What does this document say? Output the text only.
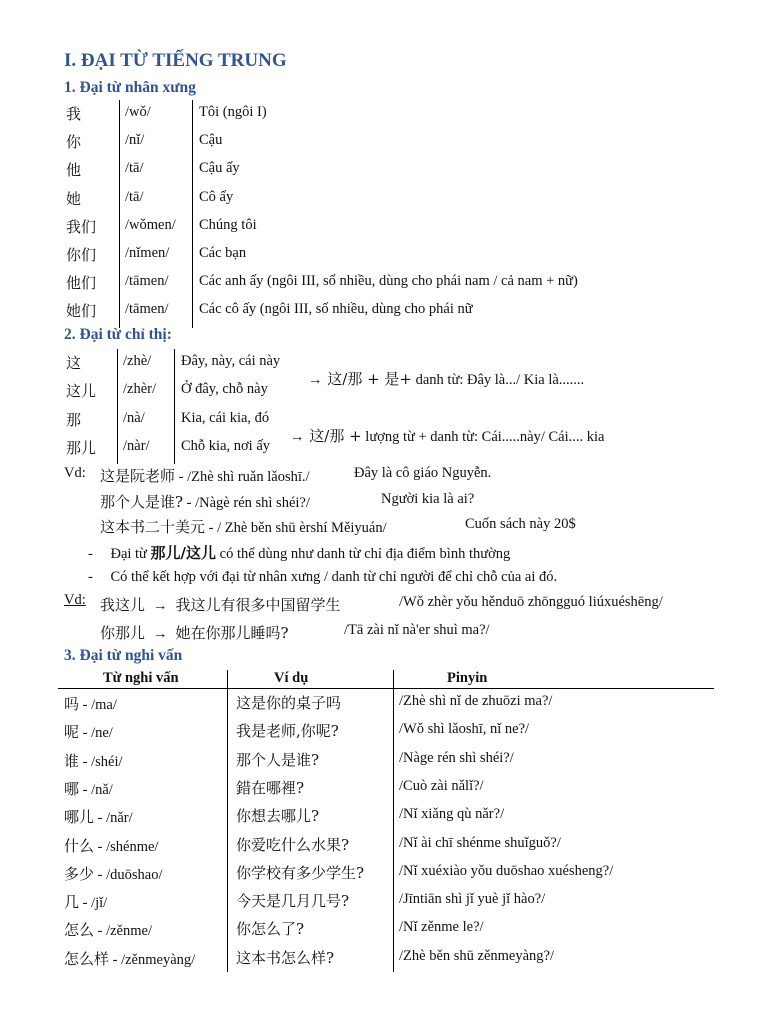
I. ĐẠI TỪ TIẾNG TRUNG
1. Đại từ nhân xưng
我	/wǒ/	Tôi (ngôi I)
你	/nǐ/	Cậu
他	/tā/	Cậu ấy
她	/tā/	Cô ấy
我们 /wǒmen/ Chúng tôi
你们 /nǐmen/ Các bạn
他们 /tāmen/ Các anh ấy (ngôi III, số nhiều, dùng cho phái nam / cả nam + nữ)
她们 /tāmen/ Các cô ấy (ngôi III, số nhiều, dùng cho phái nữ
2. Đại từ chỉ thị:
这	/zhè/ Đây, này, cái này
这儿 /zhèr/ Ở đây, chỗ này
那	/nà/	Kia, cái kia, đó
那儿 /nàr/ Chỗ kia, nơi ấy
→ 这/那 + 是+ danh từ: Đây là.../ Kia là.......
→ 这/那 + lượng từ + danh từ: Cái.....này/ Cái.... kia
Vd: 这是阮老师 - /Zhè shì ruǎn lǎoshī./	Đây là cô giáo Nguyễn.
那个人是谁? - /Nàgè rén shì shéi?/	Người kia là ai?
这本书二十美元 - / Zhè běn shū èrshí Měiyuán/	Cuốn sách này 20$
- Đại từ 那儿/这儿 có thể dùng như danh từ chỉ địa điểm bình thường
- Có thể kết hợp với đại từ nhân xưng / danh từ chỉ người để chỉ chỗ của ai đó.
Vd: 我这儿 → 我这儿有很多中国留学生	/Wǒ zhèr yǒu hěnduō zhōngguó liúxuéshēng/
你那儿 → 她在你那儿睡吗?	/Tā zài nǐ nà'er shuì ma?/
3. Đại từ nghi vấn
Từ nghi vấn	Ví dụ	Pinyin
吗 - /ma/	这是你的桌子吗	/Zhè shì nǐ de zhuōzi ma?/
呢 - /ne/	我是老师,你呢?	/Wǒ shì lǎoshī, nǐ ne?/
谁 - /shéi/	那个人是谁?	/Nàge rén shì shéi?/
哪 - /nǎ/	錯在哪裡?	/Cuò zài nǎlǐ?/
哪儿 - /nǎr/	你想去哪儿?	/Nǐ xiǎng qù nǎr?/
什么 - /shénme/	你爱吃什么水果?	/Nǐ ài chī shénme shuǐguǒ?/
多少 - /duōshao/	你学校有多少学生? /Nǐ xuéxiào yǒu duōshao xuésheng?/
几 - /jǐ/	今天是几月几号?	/Jīntiān shì jǐ yuè jǐ hào?/
怎么 - /zěnme/	你怎么了?	/Nǐ zěnme le?/
怎么样 - /zěnmeyàng/	这本书怎么样?	/Zhè běn shū zěnmeyàng?/
